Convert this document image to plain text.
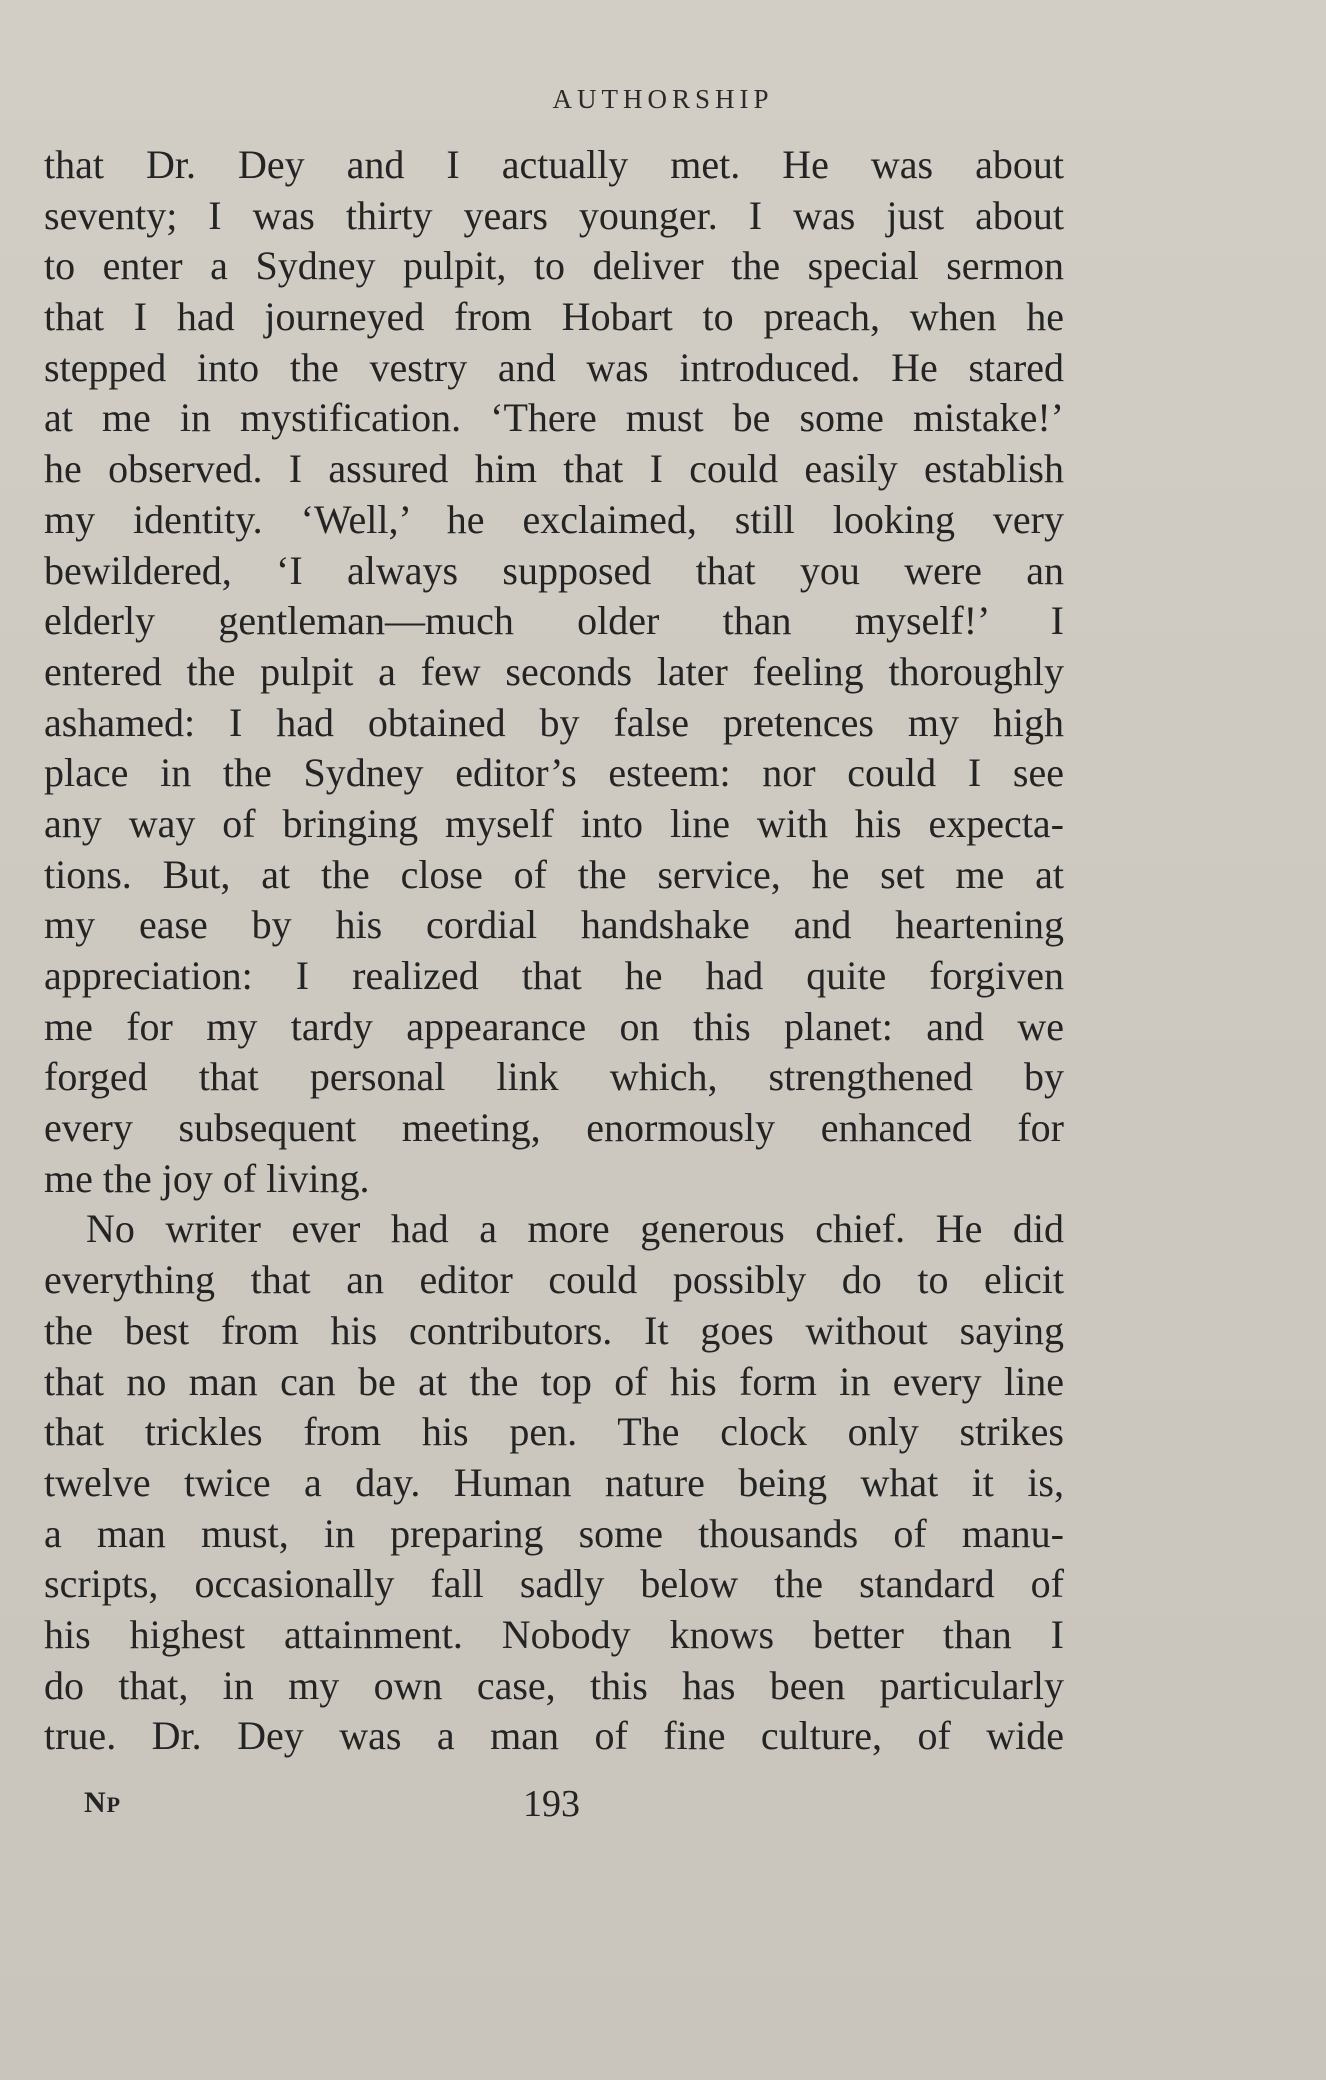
AUTHORSHIP
that Dr. Dey and I actually met. He was about
seventy; I was thirty years younger. I was just about
to enter a Sydney pulpit, to deliver the special sermon
that I had journeyed from Hobart to preach, when he
stepped into the vestry and was introduced. He stared
at me in mystification. ‘There must be some mistake!’
he observed. I assured him that I could easily establish
my identity. ‘Well,’ he exclaimed, still looking very
bewildered, ‘I always supposed that you were an
elderly gentleman—much older than myself!’ I
entered the pulpit a few seconds later feeling thoroughly
ashamed: I had obtained by false pretences my high
place in the Sydney editor’s esteem: nor could I see
any way of bringing myself into line with his expecta-
tions. But, at the close of the service, he set me at
my ease by his cordial handshake and heartening
appreciation: I realized that he had quite forgiven
me for my tardy appearance on this planet: and we
forged that personal link which, strengthened by
every subsequent meeting, enormously enhanced for
me the joy of living.
No writer ever had a more generous chief. He did
everything that an editor could possibly do to elicit
the best from his contributors. It goes without saying
that no man can be at the top of his form in every line
that trickles from his pen. The clock only strikes
twelve twice a day. Human nature being what it is,
a man must, in preparing some thousands of manu-
scripts, occasionally fall sadly below the standard of
his highest attainment. Nobody knows better than I
do that, in my own case, this has been particularly
true. Dr. Dey was a man of fine culture, of wide
NP	193
